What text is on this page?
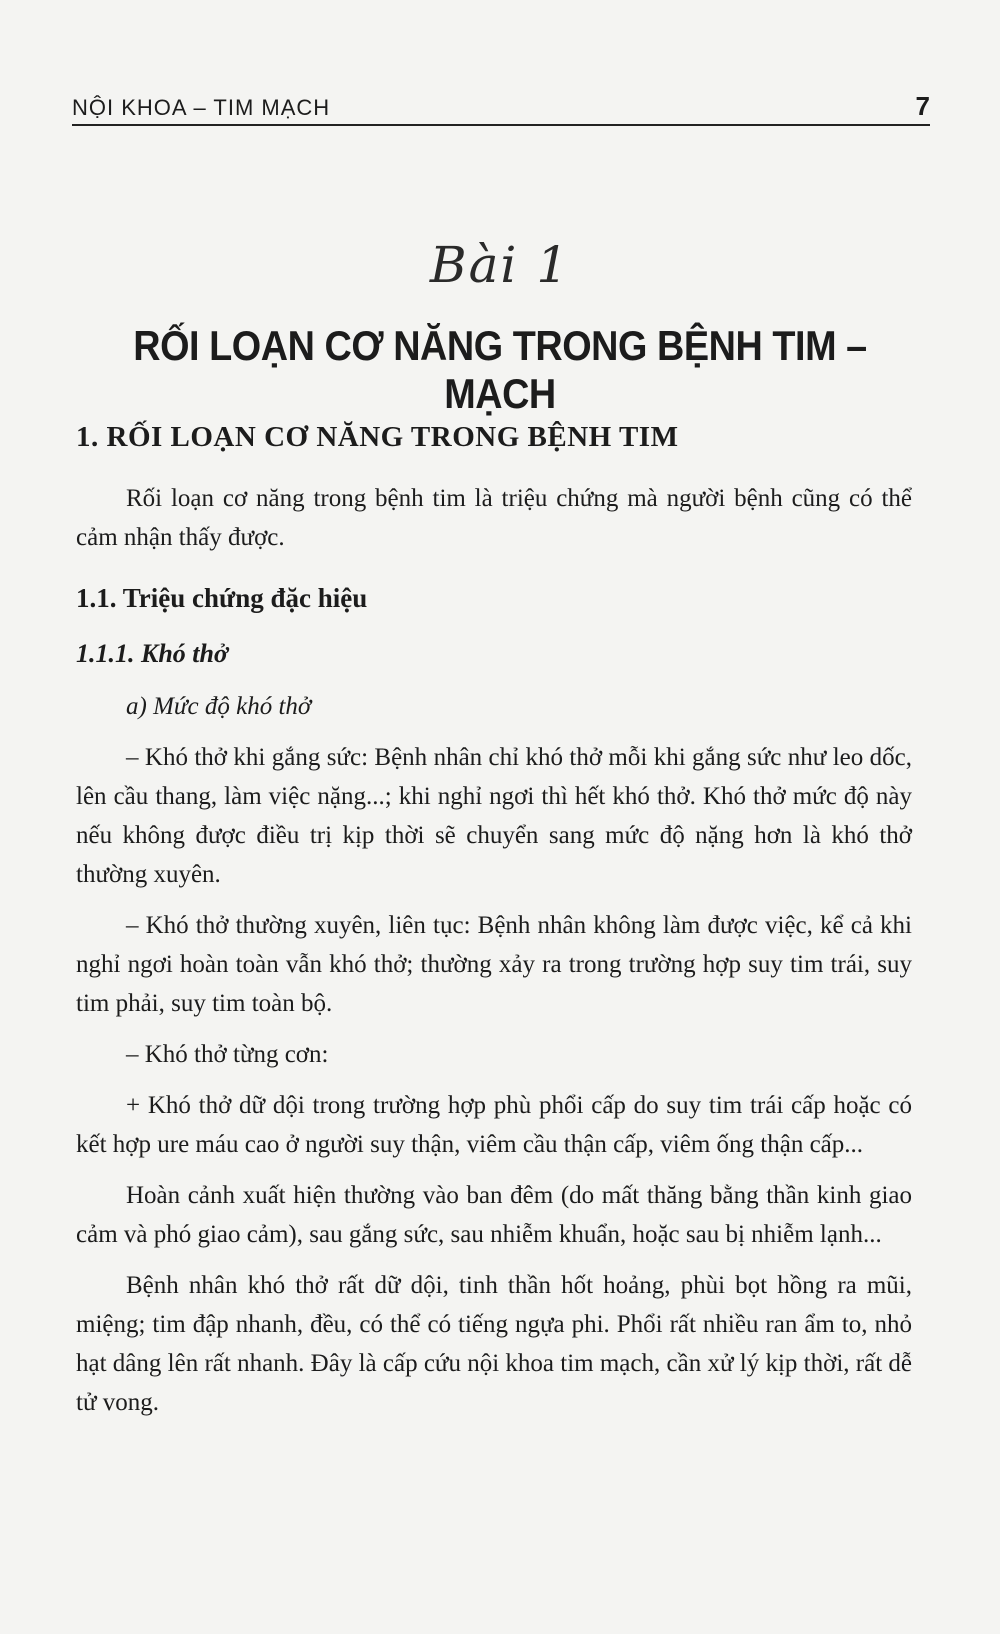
NỘI KHOA – TIM MẠCH	7
Bài 1
RỐI LOẠN CƠ NĂNG TRONG BỆNH TIM – MẠCH
1. RỐI LOẠN CƠ NĂNG TRONG BỆNH TIM

Rối loạn cơ năng trong bệnh tim là triệu chứng mà người bệnh cũng có thể cảm nhận thấy được.

1.1. Triệu chứng đặc hiệu
1.1.1. Khó thở
a) Mức độ khó thở

– Khó thở khi gắng sức: Bệnh nhân chỉ khó thở mỗi khi gắng sức như leo dốc, lên cầu thang, làm việc nặng...; khi nghỉ ngơi thì hết khó thở. Khó thở mức độ này nếu không được điều trị kịp thời sẽ chuyển sang mức độ nặng hơn là khó thở thường xuyên.

– Khó thở thường xuyên, liên tục: Bệnh nhân không làm được việc, kể cả khi nghỉ ngơi hoàn toàn vẫn khó thở; thường xảy ra trong trường hợp suy tim trái, suy tim phải, suy tim toàn bộ.

– Khó thở từng cơn:

+ Khó thở dữ dội trong trường hợp phù phổi cấp do suy tim trái cấp hoặc có kết hợp ure máu cao ở người suy thận, viêm cầu thận cấp, viêm ống thận cấp...

Hoàn cảnh xuất hiện thường vào ban đêm (do mất thăng bằng thần kinh giao cảm và phó giao cảm), sau gắng sức, sau nhiễm khuẩn, hoặc sau bị nhiễm lạnh...

Bệnh nhân khó thở rất dữ dội, tinh thần hốt hoảng, phùi bọt hồng ra mũi, miệng; tim đập nhanh, đều, có thể có tiếng ngựa phi. Phổi rất nhiều ran ẩm to, nhỏ hạt dâng lên rất nhanh. Đây là cấp cứu nội khoa tim mạch, cần xử lý kịp thời, rất dễ tử vong.
